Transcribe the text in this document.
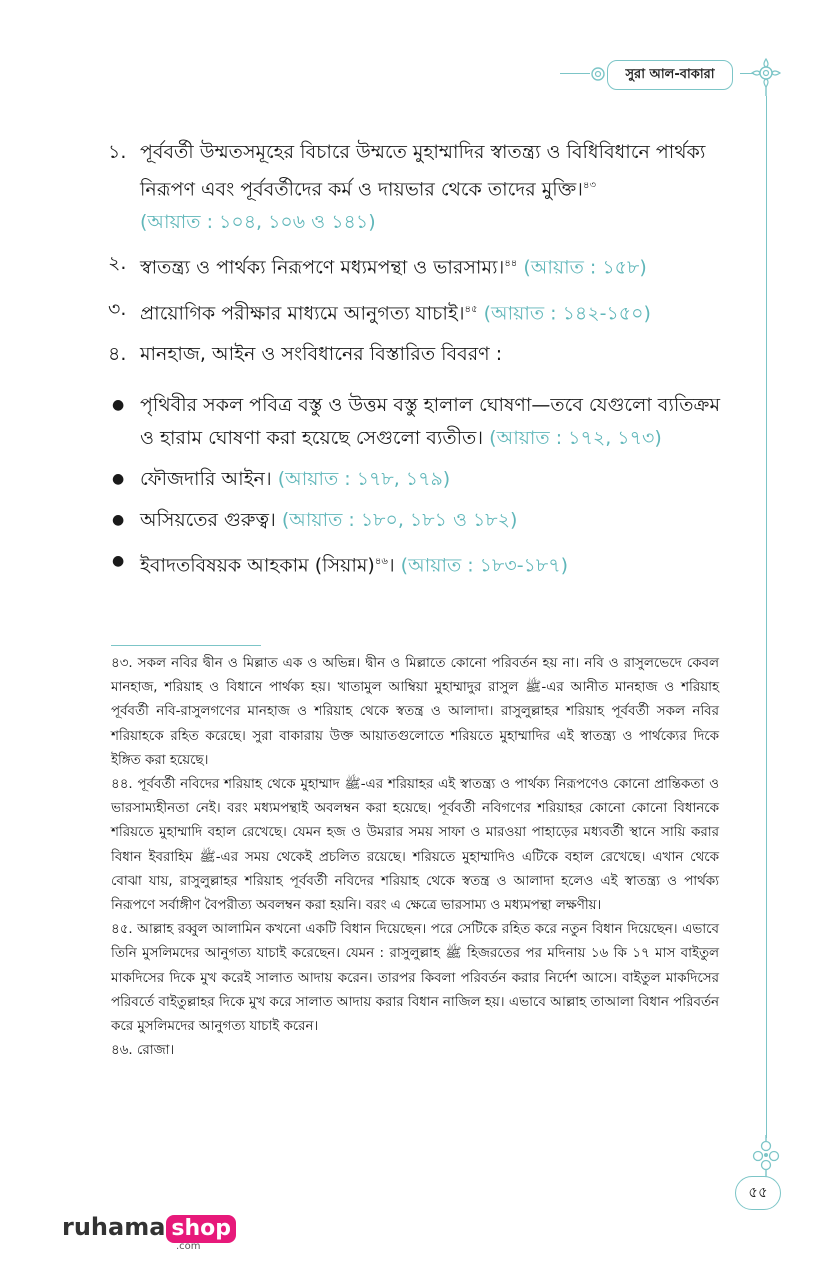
সুরা আল-বাকারা
১. পূর্ববর্তী উম্মতসমূহের বিচারে উম্মতে মুহাম্মাদির স্বাতন্ত্র্য ও বিধিবিধানে পার্থক্য নিরূপণ এবং পূর্ববর্তীদের কর্ম ও দায়ভার থেকে তাদের মুক্তি।$^{৪৩}$
(আয়াত : ১০৪, ১০৬ ও ১৪১)
২. স্বাতন্ত্র্য ও পার্থক্য নিরূপণে মধ্যমপন্থা ও ভারসাম্য।$^{৪৪}$ (আয়াত : ১৫৮)
৩. প্রায়োগিক পরীক্ষার মাধ্যমে আনুগত্য যাচাই।$^{৪৫}$ (আয়াত : ১৪২-১৫০)
৪. মানহাজ, আইন ও সংবিধানের বিস্তারিত বিবরণ :
● পৃথিবীর সকল পবিত্র বস্তু ও উত্তম বস্তু হালাল ঘোষণা—তবে যেগুলো ব্যতিক্রম ও হারাম ঘোষণা করা হয়েছে সেগুলো ব্যতীত। (আয়াত : ১৭২, ১৭৩)
● ফৌজদারি আইন। (আয়াত : ১৭৮, ১৭৯)
● অসিয়তের গুরুত্ব। (আয়াত : ১৮০, ১৮১ ও ১৮২)
● ইবাদতবিষয়ক আহকাম (সিয়াম)$^{৪৬}$। (আয়াত : ১৮৩-১৮৭)

৪৩. সকল নবির দ্বীন ও মিল্লাত এক ও অভিন্ন। দ্বীন ও মিল্লাতে কোনো পরিবর্তন হয় না। নবি ও রাসুলভেদে কেবল মানহাজ, শরিয়াহ ও বিধানে পার্থক্য হয়। খাতামুল আম্বিয়া মুহাম্মাদুর রাসুল ﷺ-এর আনীত মানহাজ ও শরিয়াহ পূর্ববর্তী নবি-রাসুলগণের মানহাজ ও শরিয়াহ থেকে স্বতন্ত্র ও আলাদা। রাসুলুল্লাহর শরিয়াহ পূর্ববর্তী সকল নবির শরিয়াহকে রহিত করেছে। সুরা বাকারায় উক্ত আয়াতগুলোতে শরিয়তে মুহাম্মাদির এই স্বাতন্ত্র্য ও পার্থক্যের দিকে ইঙ্গিত করা হয়েছে।

৪৪. পূর্ববর্তী নবিদের শরিয়াহ থেকে মুহাম্মাদ ﷺ-এর শরিয়াহর এই স্বাতন্ত্র্য ও পার্থক্য নিরূপণেও কোনো প্রান্তিকতা ও ভারসাম্যহীনতা নেই। বরং মধ্যমপন্থাই অবলম্বন করা হয়েছে। পূর্ববর্তী নবিগণের শরিয়াহর কোনো কোনো বিধানকে শরিয়তে মুহাম্মাদি বহাল রেখেছে। যেমন হজ ও উমরার সময় সাফা ও মারওয়া পাহাড়ের মধ্যবর্তী স্থানে সায়ি করার বিধান ইবরাহিম ﷺ-এর সময় থেকেই প্রচলিত রয়েছে। শরিয়তে মুহাম্মাদিও এটিকে বহাল রেখেছে। এখান থেকে বোঝা যায়, রাসুলুল্লাহর শরিয়াহ পূর্ববর্তী নবিদের শরিয়াহ থেকে স্বতন্ত্র ও আলাদা হলেও এই স্বাতন্ত্র্য ও পার্থক্য নিরূপণে সর্বাঙ্গীণ বৈপরীত্য অবলম্বন করা হয়নি। বরং এ ক্ষেত্রে ভারসাম্য ও মধ্যমপন্থা লক্ষণীয়।

৪৫. আল্লাহ রব্বুল আলামিন কখনো একটি বিধান দিয়েছেন। পরে সেটিকে রহিত করে নতুন বিধান দিয়েছেন। এভাবে তিনি মুসলিমদের আনুগত্য যাচাই করেছেন। যেমন : রাসুলুল্লাহ ﷺ হিজরতের পর মদিনায় ১৬ কি ১৭ মাস বাইতুল মাকদিসের দিকে মুখ করেই সালাত আদায় করেন। তারপর কিবলা পরিবর্তন করার নির্দেশ আসে। বাইতুল মাকদিসের পরিবর্তে বাইতুল্লাহর দিকে মুখ করে সালাত আদায় করার বিধান নাজিল হয়। এভাবে আল্লাহ তাআলা বিধান পরিবর্তন করে মুসলিমদের আনুগত্য যাচাই করেন।

৪৬. রোজা।

৫৫
ruhama shop
.com
